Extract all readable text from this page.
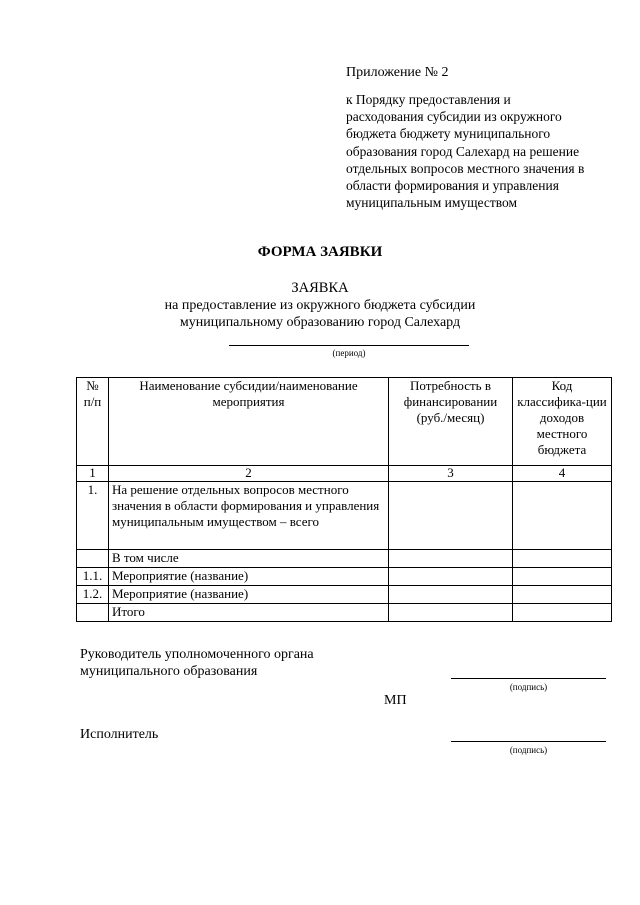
Приложение № 2
к Порядку предоставления и
расходования субсидии из окружного
бюджета бюджету муниципального
образования город Салехард на решение
отдельных вопросов местного значения в
области формирования и управления
муниципальным имуществом
ФОРМА ЗАЯВКИ
ЗАЯВКА
на предоставление из окружного бюджета субсидии
муниципальному образованию город Салехард
(период)
№ п/п	Наименование субсидии/наименование мероприятия	Потребность в финансировании (руб./месяц)	Код классифика-ции доходов местного бюджета
1	2	3	4
1.	На решение отдельных вопросов местного значения в области формирования и управления муниципальным имуществом – всего		
	В том числе		
1.1.	Мероприятие (название)		
1.2.	Мероприятие (название)		
	Итого		
Руководитель уполномоченного органа
муниципального образования
(подпись)
МП
Исполнитель
(подпись)
